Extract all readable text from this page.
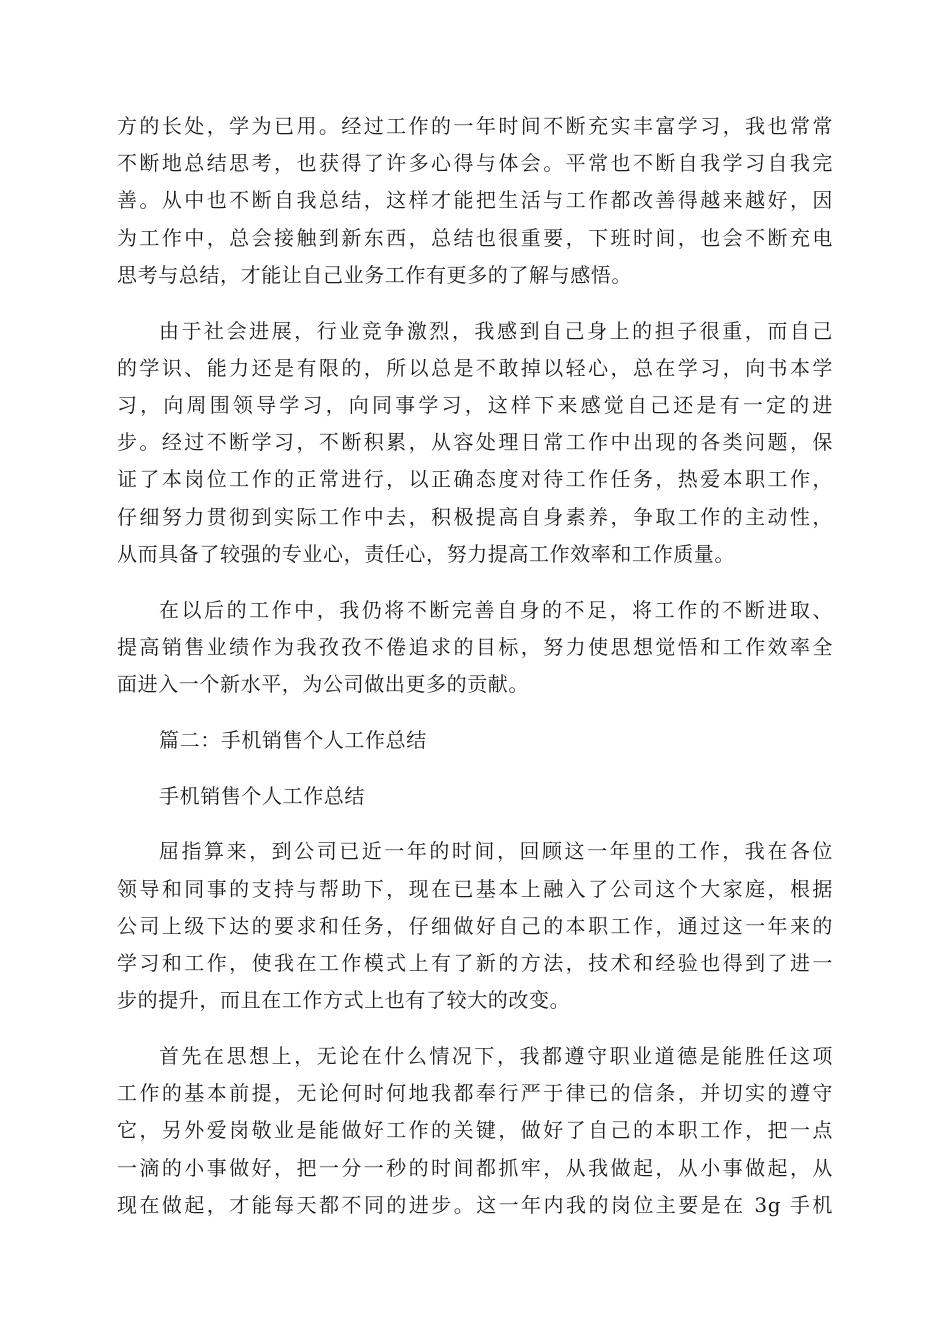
方的长处，学为已用。经过工作的一年时间不断充实丰富学习，我也常常
不断地总结思考，也获得了许多心得与体会。平常也不断自我学习自我完
善。从中也不断自我总结，这样才能把生活与工作都改善得越来越好，因
为工作中，总会接触到新东西，总结也很重要，下班时间，也会不断充电
思考与总结，才能让自己业务工作有更多的了解与感悟。
由于社会进展，行业竞争激烈，我感到自己身上的担子很重，而自己
的学识、能力还是有限的，所以总是不敢掉以轻心，总在学习，向书本学
习，向周围领导学习，向同事学习，这样下来感觉自己还是有一定的进
步。经过不断学习，不断积累，从容处理日常工作中出现的各类问题，保
证了本岗位工作的正常进行，以正确态度对待工作任务，热爱本职工作，
仔细努力贯彻到实际工作中去，积极提高自身素养，争取工作的主动性，
从而具备了较强的专业心，责任心，努力提高工作效率和工作质量。
在以后的工作中，我仍将不断完善自身的不足，将工作的不断进取、
提高销售业绩作为我孜孜不倦追求的目标，努力使思想觉悟和工作效率全
面进入一个新水平，为公司做出更多的贡献。
篇二：手机销售个人工作总结
手机销售个人工作总结
屈指算来，到公司已近一年的时间，回顾这一年里的工作，我在各位
领导和同事的支持与帮助下，现在已基本上融入了公司这个大家庭，根据
公司上级下达的要求和任务，仔细做好自己的本职工作，通过这一年来的
学习和工作，使我在工作模式上有了新的方法，技术和经验也得到了进一
步的提升，而且在工作方式上也有了较大的改变。
首先在思想上，无论在什么情况下，我都遵守职业道德是能胜任这项
工作的基本前提，无论何时何地我都奉行严于律已的信条，并切实的遵守
它，另外爱岗敬业是能做好工作的关键，做好了自己的本职工作，把一点
一滴的小事做好，把一分一秒的时间都抓牢，从我做起，从小事做起，从
现在做起，才能每天都不同的进步。这一年内我的岗位主要是在 3g 手机
